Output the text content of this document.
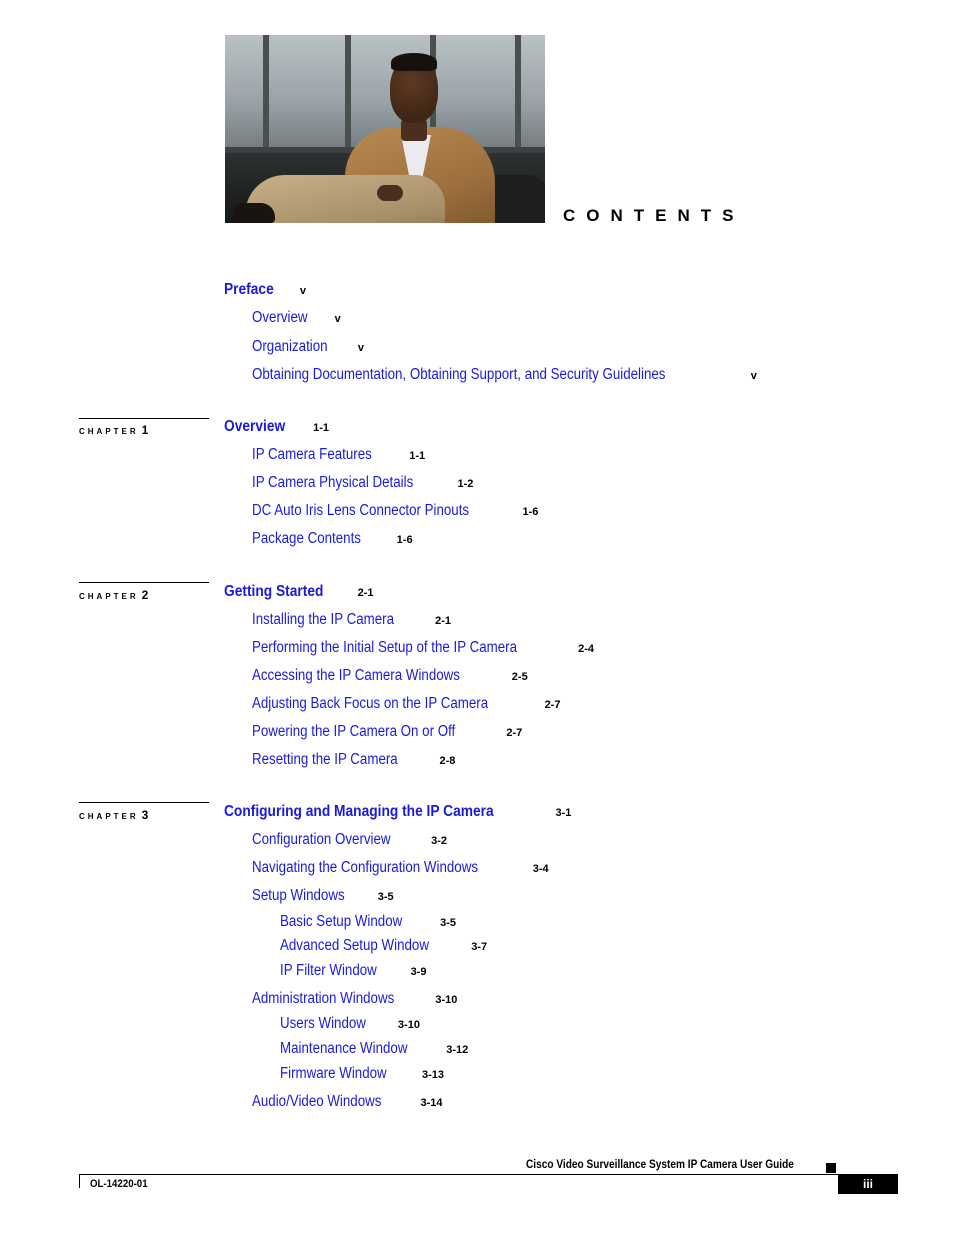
CONTENTS
Preface v
Overview v
Organization	v
Obtaining Documentation, Obtaining Support, and Security Guidelines	v
CHAPTER 1	Overview	1-1
IP Camera Features	1-1
IP Camera Physical Details	1-2
DC Auto Iris Lens Connector Pinouts	1-6
Package Contents	1-6
CHAPTER 2	Getting Started	2-1
Installing the IP Camera	2-1
Performing the Initial Setup of the IP Camera	2-4
Accessing the IP Camera Windows	2-5
Adjusting Back Focus on the IP Camera	2-7
Powering the IP Camera On or Off	2-7
Resetting the IP Camera	2-8
CHAPTER 3	Configuring and Managing the IP Camera	3-1
Configuration Overview	3-2
Navigating the Configuration Windows	3-4
Setup Windows	3-5
Basic Setup Window	3-5
Advanced Setup Window	3-7
IP Filter Window	3-9
Administration Windows	3-10
Users Window	3-10
Maintenance Window	3-12
Firmware Window	3-13
Audio/Video Windows	3-14
Cisco Video Surveillance System IP Camera User Guide
OL-14220-01	iii
